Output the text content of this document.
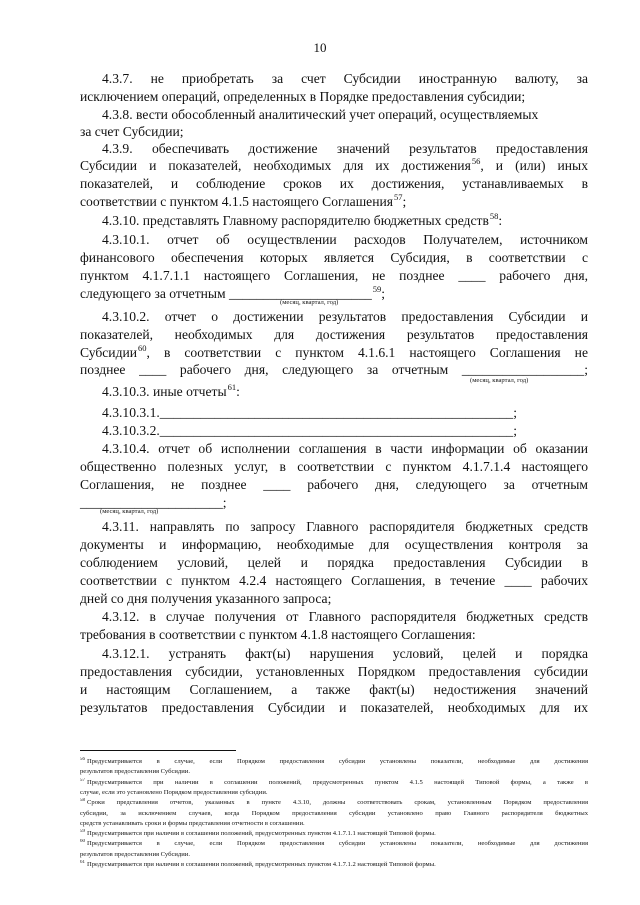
10
4.3.7. не приобретать за счет Субсидии иностранную валюту, за
исключением операций, определенных в Порядке предоставления субсидии;
4.3.8. вести обособленный аналитический учет операций, осуществляемых
за счет Субсидии;
4.3.9. обеспечивать достижение значений результатов предоставления
Субсидии и показателей, необходимых для их достижения$^{56}$, и (или) иных
показателей, и соблюдение сроков их достижения, устанавливаемых в
соответствии с пунктом 4.1.5 настоящего Соглашения$^{57}$;
4.3.10. представлять Главному распорядителю бюджетных средств$^{58}$:
4.3.10.1. отчет об осуществлении расходов Получателем, источником
финансового обеспечения которых является Субсидия, в соответствии с
пунктом 4.1.7.1.1 настоящего Соглашения, не позднее ____ рабочего дня,
следующего за отчетным _____________________$^{59}$;
4.3.10.2. отчет о достижении результатов предоставления Субсидии и
показателей, необходимых для достижения результатов предоставления
Субсидии$^{60}$, в соответствии с пунктом 4.1.6.1 настоящего Соглашения не
позднее ____ рабочего дня, следующего за отчетным __________________;
4.3.10.3. иные отчеты$^{61}$:
4.3.10.3.1.____________________________________________________;
4.3.10.3.2.____________________________________________________;
4.3.10.4. отчет об исполнении соглашения в части информации об оказании
общественно полезных услуг, в соответствии с пунктом 4.1.7.1.4 настоящего
Соглашения, не позднее ____ рабочего дня, следующего за отчетным
_____________________;
4.3.11. направлять по запросу Главного распорядителя бюджетных средств
документы и информацию, необходимые для осуществления контроля за
соблюдением условий, целей и порядка предоставления Субсидии в
соответствии с пунктом 4.2.4 настоящего Соглашения, в течение ____ рабочих
дней со дня получения указанного запроса;
4.3.12. в случае получения от Главного распорядителя бюджетных средств
требования в соответствии с пунктом 4.1.8 настоящего Соглашения:
4.3.12.1. устранять факт(ы) нарушения условий, целей и порядка
предоставления субсидии, установленных Порядком предоставления субсидии
и настоящим Соглашением, а также факт(ы) недостижения значений
результатов предоставления Субсидии и показателей, необходимых для их
(месяц, квартал, год)
(месяц, квартал, год)
(месяц, квартал, год)
$^{56}$ Предусматривается в случае, если Порядком предоставления субсидии установлены показатели, необходимые для достижения
результатов предоставления Субсидии.
$^{57}$ Предусматривается при наличии в соглашении положений, предусмотренных пунктом 4.1.5 настоящей Типовой формы, а также в
случае, если это установлено Порядком предоставления субсидии.
$^{58}$ Сроки представления отчетов, указанных в пункте 4.3.10, должны соответствовать срокам, установленным Порядком предоставления
субсидии, за исключением случаев, когда Порядком предоставления субсидии установлено право Главного распорядителя бюджетных
средств устанавливать сроки и формы представления отчетности в соглашении.
$^{59}$ Предусматривается при наличии в соглашении положений, предусмотренных пунктом 4.1.7.1.1 настоящей Типовой формы.
$^{60}$ Предусматривается в случае, если Порядком предоставления субсидии установлены показатели, необходимые для достижения
результатов предоставления Субсидии.
$^{61}$ Предусматривается при наличии в соглашении положений, предусмотренных пунктом 4.1.7.1.2 настоящей Типовой формы.
